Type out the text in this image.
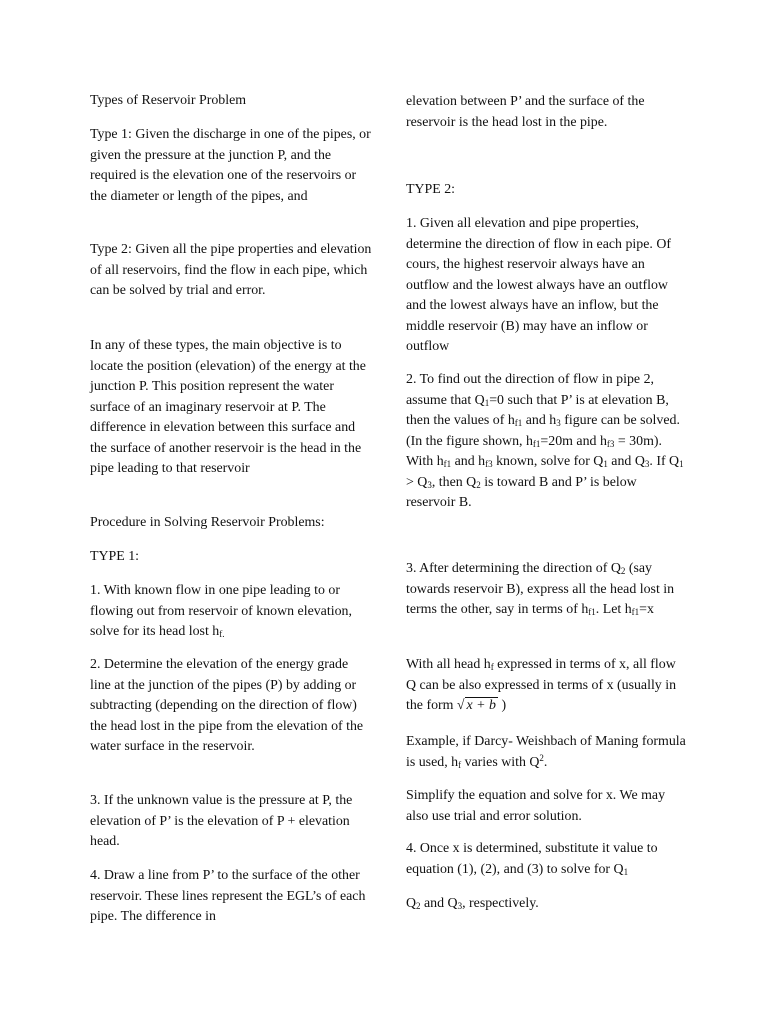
Types of Reservoir Problem

Type 1: Given the discharge in one of the pipes, or given the pressure at the junction P, and the required is the elevation one of the reservoirs or the diameter or length of the pipes, and

Type 2: Given all the pipe properties and elevation of all reservoirs, find the flow in each pipe, which can be solved by trial and error.

In any of these types, the main objective is to locate the position (elevation) of the energy at the junction P. This position represent the water surface of an imaginary reservoir at P. The difference in elevation between this surface and the surface of another reservoir is the head in the pipe leading to that reservoir

Procedure in Solving Reservoir Problems:

TYPE 1:

1. With known flow in one pipe leading to or flowing out from reservoir of known elevation, solve for its head lost $h_{f.}$

2. Determine the elevation of the energy grade line at the junction of the pipes (P) by adding or subtracting (depending on the direction of flow) the head lost in the pipe from the elevation of the water surface in the reservoir.

3. If the unknown value is the pressure at P, the elevation of P’ is the elevation of P + elevation head.

4. Draw a line from P’ to the surface of the other reservoir. These lines represent the EGL’s of each pipe. The difference in

elevation between P’ and the surface of the reservoir is the head lost in the pipe.

TYPE 2:

1. Given all elevation and pipe properties, determine the direction of flow in each pipe. Of cours, the highest reservoir always have an outflow and the lowest always have an outflow and the lowest always have an inflow, but the middle reservoir (B) may have an inflow or outflow

2. To find out the direction of flow in pipe 2, assume that $Q_1=0$ such that P’ is at elevation B, then the values of $h_{f1}$ and $h_3$ figure can be solved. (In the figure shown, $h_{f1}=20m$ and $h_{f3} = 30m$). With $h_{f1}$ and $h_{f3}$ known, solve for $Q_1$ and $Q_3$. If $Q_1 > Q_3$, then $Q_2$ is toward B and P’ is below reservoir B.

3. After determining the direction of $Q_2$ (say towards reservoir B), express all the head lost in terms the other, say in terms of $h_{f1}$. Let $h_{f1}=x$

With all head $h_f$ expressed in terms of x, all flow Q can be also expressed in terms of x (usually in the form √ x + b )

Example, if Darcy- Weishbach of Maning formula is used, $h_f$ varies with $Q^2$.

Simplify the equation and solve for x. We may also use trial and error solution.

4. Once x is determined, substitute it value to equation (1), (2), and (3) to solve for $Q_1$

$Q_2$ and $Q_3$, respectively.
